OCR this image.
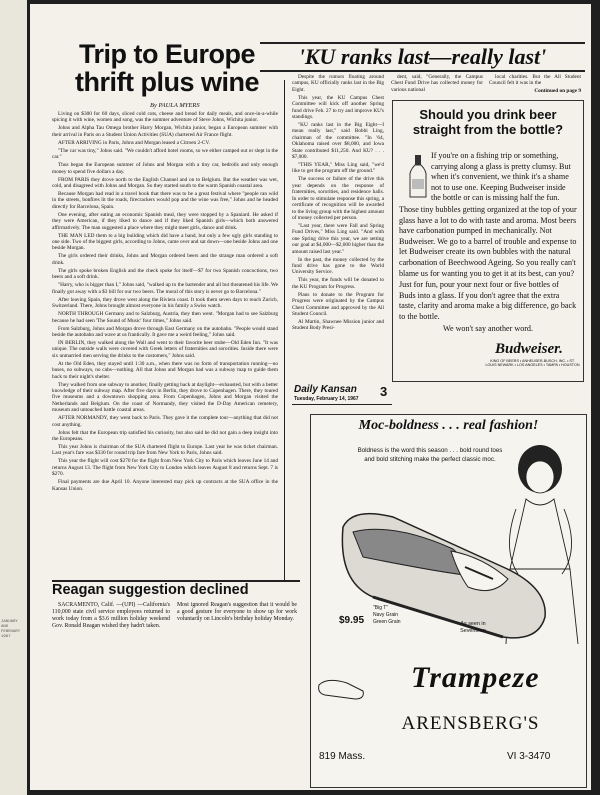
JANUARY AND FEBRUARY 1967
Trip to Europe thrift plus wine
By PAULA MYERS

Living on $300 for 60 days, sliced cold cuts, cheese and bread for daily meals, and once-in-a-while spicing it with wine, women and song, was the summer adventure of Steve Johns, Wichita junior.

Johns and Alpha Tau Omega brother Harry Morgan, Wichita junior, began a European summer with their arrival in Paris on a Student Union Activities (SUA) chartered Air France flight.

AFTER ARRIVING in Paris, Johns and Morgan leased a Citroen 2-CV.

"The car was tiny," Johns said. "We couldn't afford hotel rooms, so we either camped out or slept in the car."

Thus began the European summer of Johns and Morgan with a tiny car, bedrolls and only enough money to spend five dollars a day.

FROM PARIS they drove north to the English Channel and on to Belgium. But the weather was wet, cold, and disagreed with Johns and Morgan. So they started south to the warm Spanish coastal area.

Because Morgan had read in a travel book that there was to be a great festival where "people ran wild in the streets, bonfires lit the roads, firecrackers would pop and the wine was free," Johns and he headed directly for Barcelona, Spain.

One evening, after eating an economic Spanish meal, they were stopped by a Spaniard. He asked if they were American, if they liked to dance and if they liked Spanish girls—which both answered affirmatively. The man suggested a place where they might meet girls, dance and drink.

THE MAN LED them to a big building which did have a band, but only a few ugly girls standing to one side. Two of the biggest girls, according to Johns, came over and sat down—one beside Johns and one beside Morgan.

The girls ordered their drinks, Johns and Morgan ordered beers and the strange man ordered a soft drink.

The girls spoke broken English and the check spoke for itself—$7 for two Spanish concoctions, two beers and a soft drink.

"Harry, who is bigger than I," Johns said, "walked up to the bartender and all but threatened his life. We finally got away with a $3 bill for our two beers. The moral of this story is never go to Barcelona."

After leaving Spain, they drove west along the Riviera coast. It took them seven days to reach Zurich, Switzerland. There, Johns brought almost everyone in his family a Swiss watch.

NORTH THROUGH Germany and to Salzburg, Austria, they then went. "Morgan had to see Salzburg because he had seen 'The Sound of Music' four times," Johns said.

From Salzburg, Johns and Morgan drove through East Germany on the autobahn. "People would stand beside the autobahn and wave at us frantically. It gave me a weird feeling," Johns said.

IN BERLIN, they walked along the Wall and went to their favorite beer stube—Old Eden Inn. "It was unique. The outside walls were covered with Greek letters of fraternities and sororities. Inside there were six unmarried men serving the drinks to the customers," Johns said.

At the Old Eden, they stayed until 1:30 a.m., when there was no form of transportation running—no buses, no subways, no cabs—nothing. All that Johns and Morgan had was a subway map to guide them back to their night's shelter.

They walked from one subway to another, finally getting back at daylight—exhausted, but with a better knowledge of their subway map. After five days in Berlin, they drove to Copenhagen. There, they toured five museums and a downtown shopping area. From Copenhagen, Johns and Morgan visited the Netherlands and Belgium. On the coast of Normandy, they visited the D-Day American cemetery, museum and untouched battle coastal areas.

AFTER NORMANDY, they went back to Paris. They gave it the complete tour—anything that did not cost anything.

Johns felt that the European trip satisfied his curiosity, but also said he did not gain a deep insight into the Europeans.

This year Johns is chairman of the SUA chartered flight to Europe. Last year he was ticket chairman. Last year's fare was $330 for round trip fare from New York to Paris, Johns said.

This year the flight will cost $270 for the flight from New York City to Paris which leaves June 14 and returns August 13. The flight from New York City to London which leaves August 8 and returns Sept. 7 is $270.

Final payments are due April 10. Anyone interested may pick up contracts at the SUA office in the Kansas Union.

'KU ranks last—really last'

Despite the rumors floating around campus, KU officially ranks last in the Big Eight.

This year, the KU Campus Chest Committee will kick off another Spring fund drive Feb. 27 to try and improve KU's standings.

"KU ranks last in the Big Eight—I mean really last," said Bobbi Ling, chairman of the committee. "In '64, Oklahoma raised over $8,000, and Iowa State contributed $11,250. And KU? . . . $7,000.

"THIS YEAR," Miss Ling said, "we'd like to get the program off the ground."

The success or failure of the drive this year depends on the response of fraternities, sororities, and residence halls. In order to stimulate response this spring, a certificate of recognition will be awarded to the living group with the highest amount of money collected per person.

"Last year, there were Fall and Spring Fund Drives," Miss Ling said. "And with one Spring drive this year, we are setting our goal at $4,000—$2,000 higher than the amount raised last year."

In the past, the money collected by the fund drive has gone to the World University Service.

This year, the funds will be donated to the KU Program for Progress.

Plans to donate to the Program for Progress were originated by the Campus Chest Committee and approved by the All Student Council.

Al Martin, Shawnee Mission junior and Student Body Presi-

dent, said, "Generally, the Campus Chest Fund Drive has collected money for various national

local charities. But the All Student Council felt it was in the

Continued on page 9
Should you drink beer straight from the bottle?

If you're on a fishing trip or something, carrying along a glass is pretty clumsy. But when it's convenient, we think it's a shame not to use one. Keeping Budweiser inside the bottle or can is missing half the fun.

Those tiny bubbles getting organized at the top of your glass have a lot to do with taste and aroma. Most beers have carbonation pumped in mechanically. Not Budweiser. We go to a barrel of trouble and expense to let Budweiser create its own bubbles with the natural carbonation of Beechwood Ageing. So you really can't blame us for wanting you to get it at its best, can you?

Just for fun, pour your next four or five bottles of Buds into a glass. If you don't agree that the extra taste, clarity and aroma make a big difference, go back to the bottle.

We won't say another word.

Budweiser.
KING OF BEERS • ANHEUSER-BUSCH, INC. • ST. LOUIS NEWARK • LOS ANGELES • TAMPA • HOUSTON
Daily Kansan 3
Tuesday, February 14, 1967
Reagan suggestion declined

SACRAMENTO, Calif. —(UPI) —California's 110,000 state civil service employees returned to work today from a $3.6 million holiday weekend Gov. Ronald Reagan wished they hadn't taken.

Most ignored Reagan's suggestion that it would be a good gesture for everyone to show up for work voluntarily on Lincoln's birthday holiday Monday.

Moc-boldness . . . real fashion!
Boldness is the word this season . . . bold round toes and bold stitching make the perfect classic moc.
"Big T"
Navy Grain
Green Grain
$9.95	As seen in Seventeen
Trampeze
ARENSBERG'S
819 Mass.	VI 3-3470
